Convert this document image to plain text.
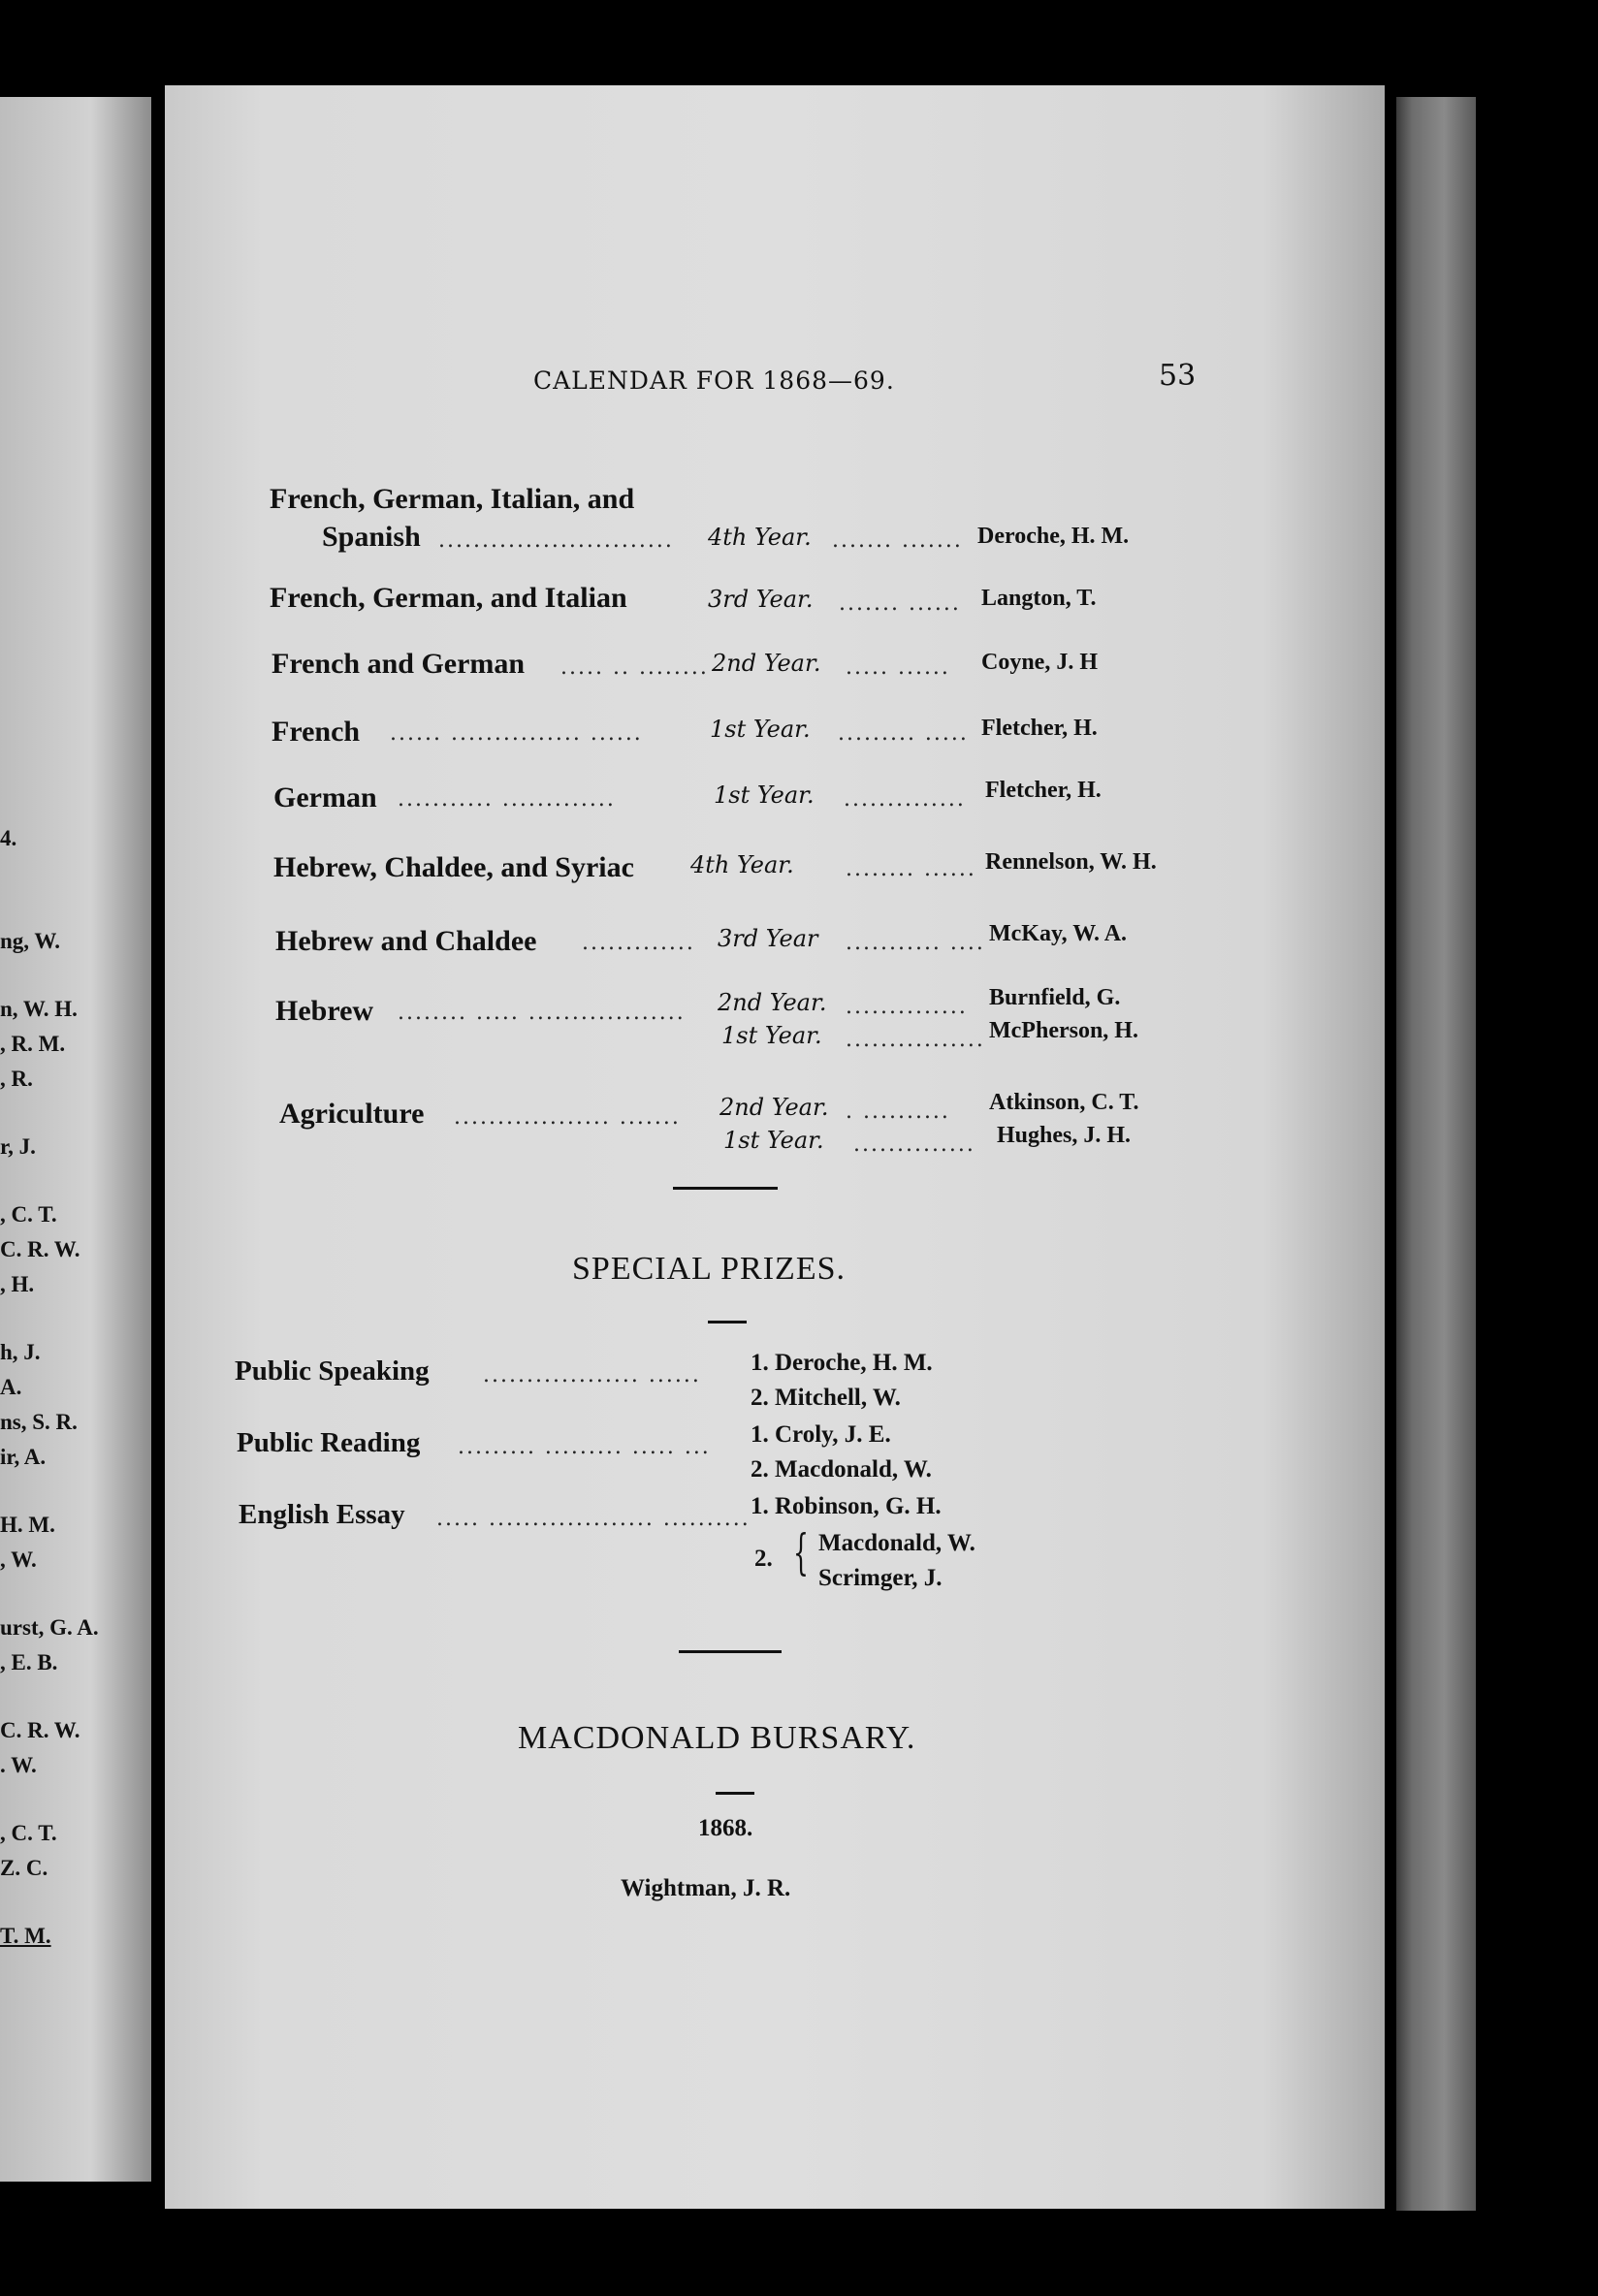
4.
ng, W.
n, W. H.
, R. M.
, R.
r, J.
, C. T.
C. R. W.
, H.
h, J.
A.
ns, S. R.
ir, A.
H. M.
, W.
urst, G. A.
, E. B.
C. R. W.
. W.
, C. T.
Z. C.
T. M.
CALENDAR FOR 1868—69.	53
French, German, Italian, and
Spanish ........................... 4th Year. ....... ....... Deroche, H. M.
French, German, and Italian	3rd Year. ....... ...... Langton, T.
French and German ..... .. ........ 2nd Year. ..... ...... Coyne, J. H
French ...... ............... ......	1st Year. ......... ..... Fletcher, H.
German ........... .............	1st Year. .............. Fletcher, H.
Hebrew, Chaldee, and Syriac 4th Year. ........ ...... Rennelson, W. H.
Hebrew and Chaldee ............. 3rd Year ........... .... McKay, W. A.
Hebrew ........ ..... .................. 2nd Year. .............. Burnfield, G.
1st Year. ................ McPherson, H.
Agriculture .................. ....... 2nd Year. . .......... Atkinson, C. T.
1st Year. .............. Hughes, J. H.
SPECIAL PRIZES.
Public Speaking	.................. ...... 1. Deroche, H. M.
2. Mitchell, W.
Public Reading ......... ......... ..... ... 1. Croly, J. E.
2. Macdonald, W.
English Essay ..... ................... .......... 1. Robinson, G. H.
2. { Macdonald, W.
Scrimger, J.
MACDONALD BURSARY.
1868.
Wightman, J. R.
